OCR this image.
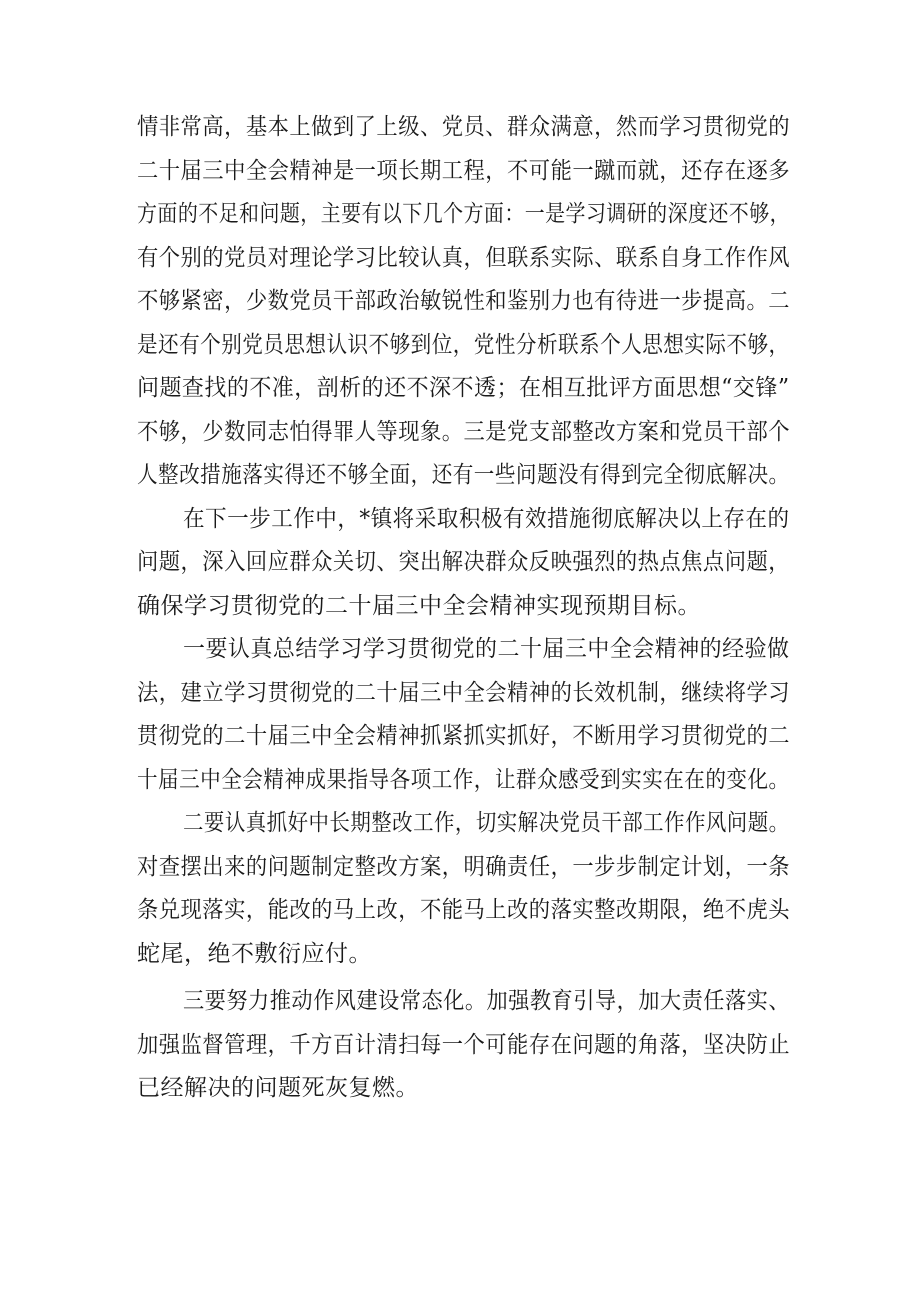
情非常高，基本上做到了上级、党员、群众满意，然而学习贯彻党的
二十届三中全会精神是一项长期工程，不可能一蹴而就，还存在逐多
方面的不足和问题，主要有以下几个方面：一是学习调研的深度还不够，
有个别的党员对理论学习比较认真，但联系实际、联系自身工作作风
不够紧密，少数党员干部政治敏锐性和鉴别力也有待进一步提高。二
是还有个别党员思想认识不够到位，党性分析联系个人思想实际不够，
问题查找的不准，剖析的还不深不透；在相互批评方面思想“交锋”
不够，少数同志怕得罪人等现象。三是党支部整改方案和党员干部个
人整改措施落实得还不够全面，还有一些问题没有得到完全彻底解决。
在下一步工作中，*镇将采取积极有效措施彻底解决以上存在的
问题，深入回应群众关切、突出解决群众反映强烈的热点焦点问题，
确保学习贯彻党的二十届三中全会精神实现预期目标。
一要认真总结学习学习贯彻党的二十届三中全会精神的经验做
法，建立学习贯彻党的二十届三中全会精神的长效机制，继续将学习
贯彻党的二十届三中全会精神抓紧抓实抓好，不断用学习贯彻党的二
十届三中全会精神成果指导各项工作，让群众感受到实实在在的变化。
二要认真抓好中长期整改工作，切实解决党员干部工作作风问题。
对查摆出来的问题制定整改方案，明确责任，一步步制定计划，一条
条兑现落实，能改的马上改，不能马上改的落实整改期限，绝不虎头
蛇尾，绝不敷衍应付。
三要努力推动作风建设常态化。加强教育引导，加大责任落实、
加强监督管理，千方百计清扫每一个可能存在问题的角落，坚决防止
已经解决的问题死灰复燃。
